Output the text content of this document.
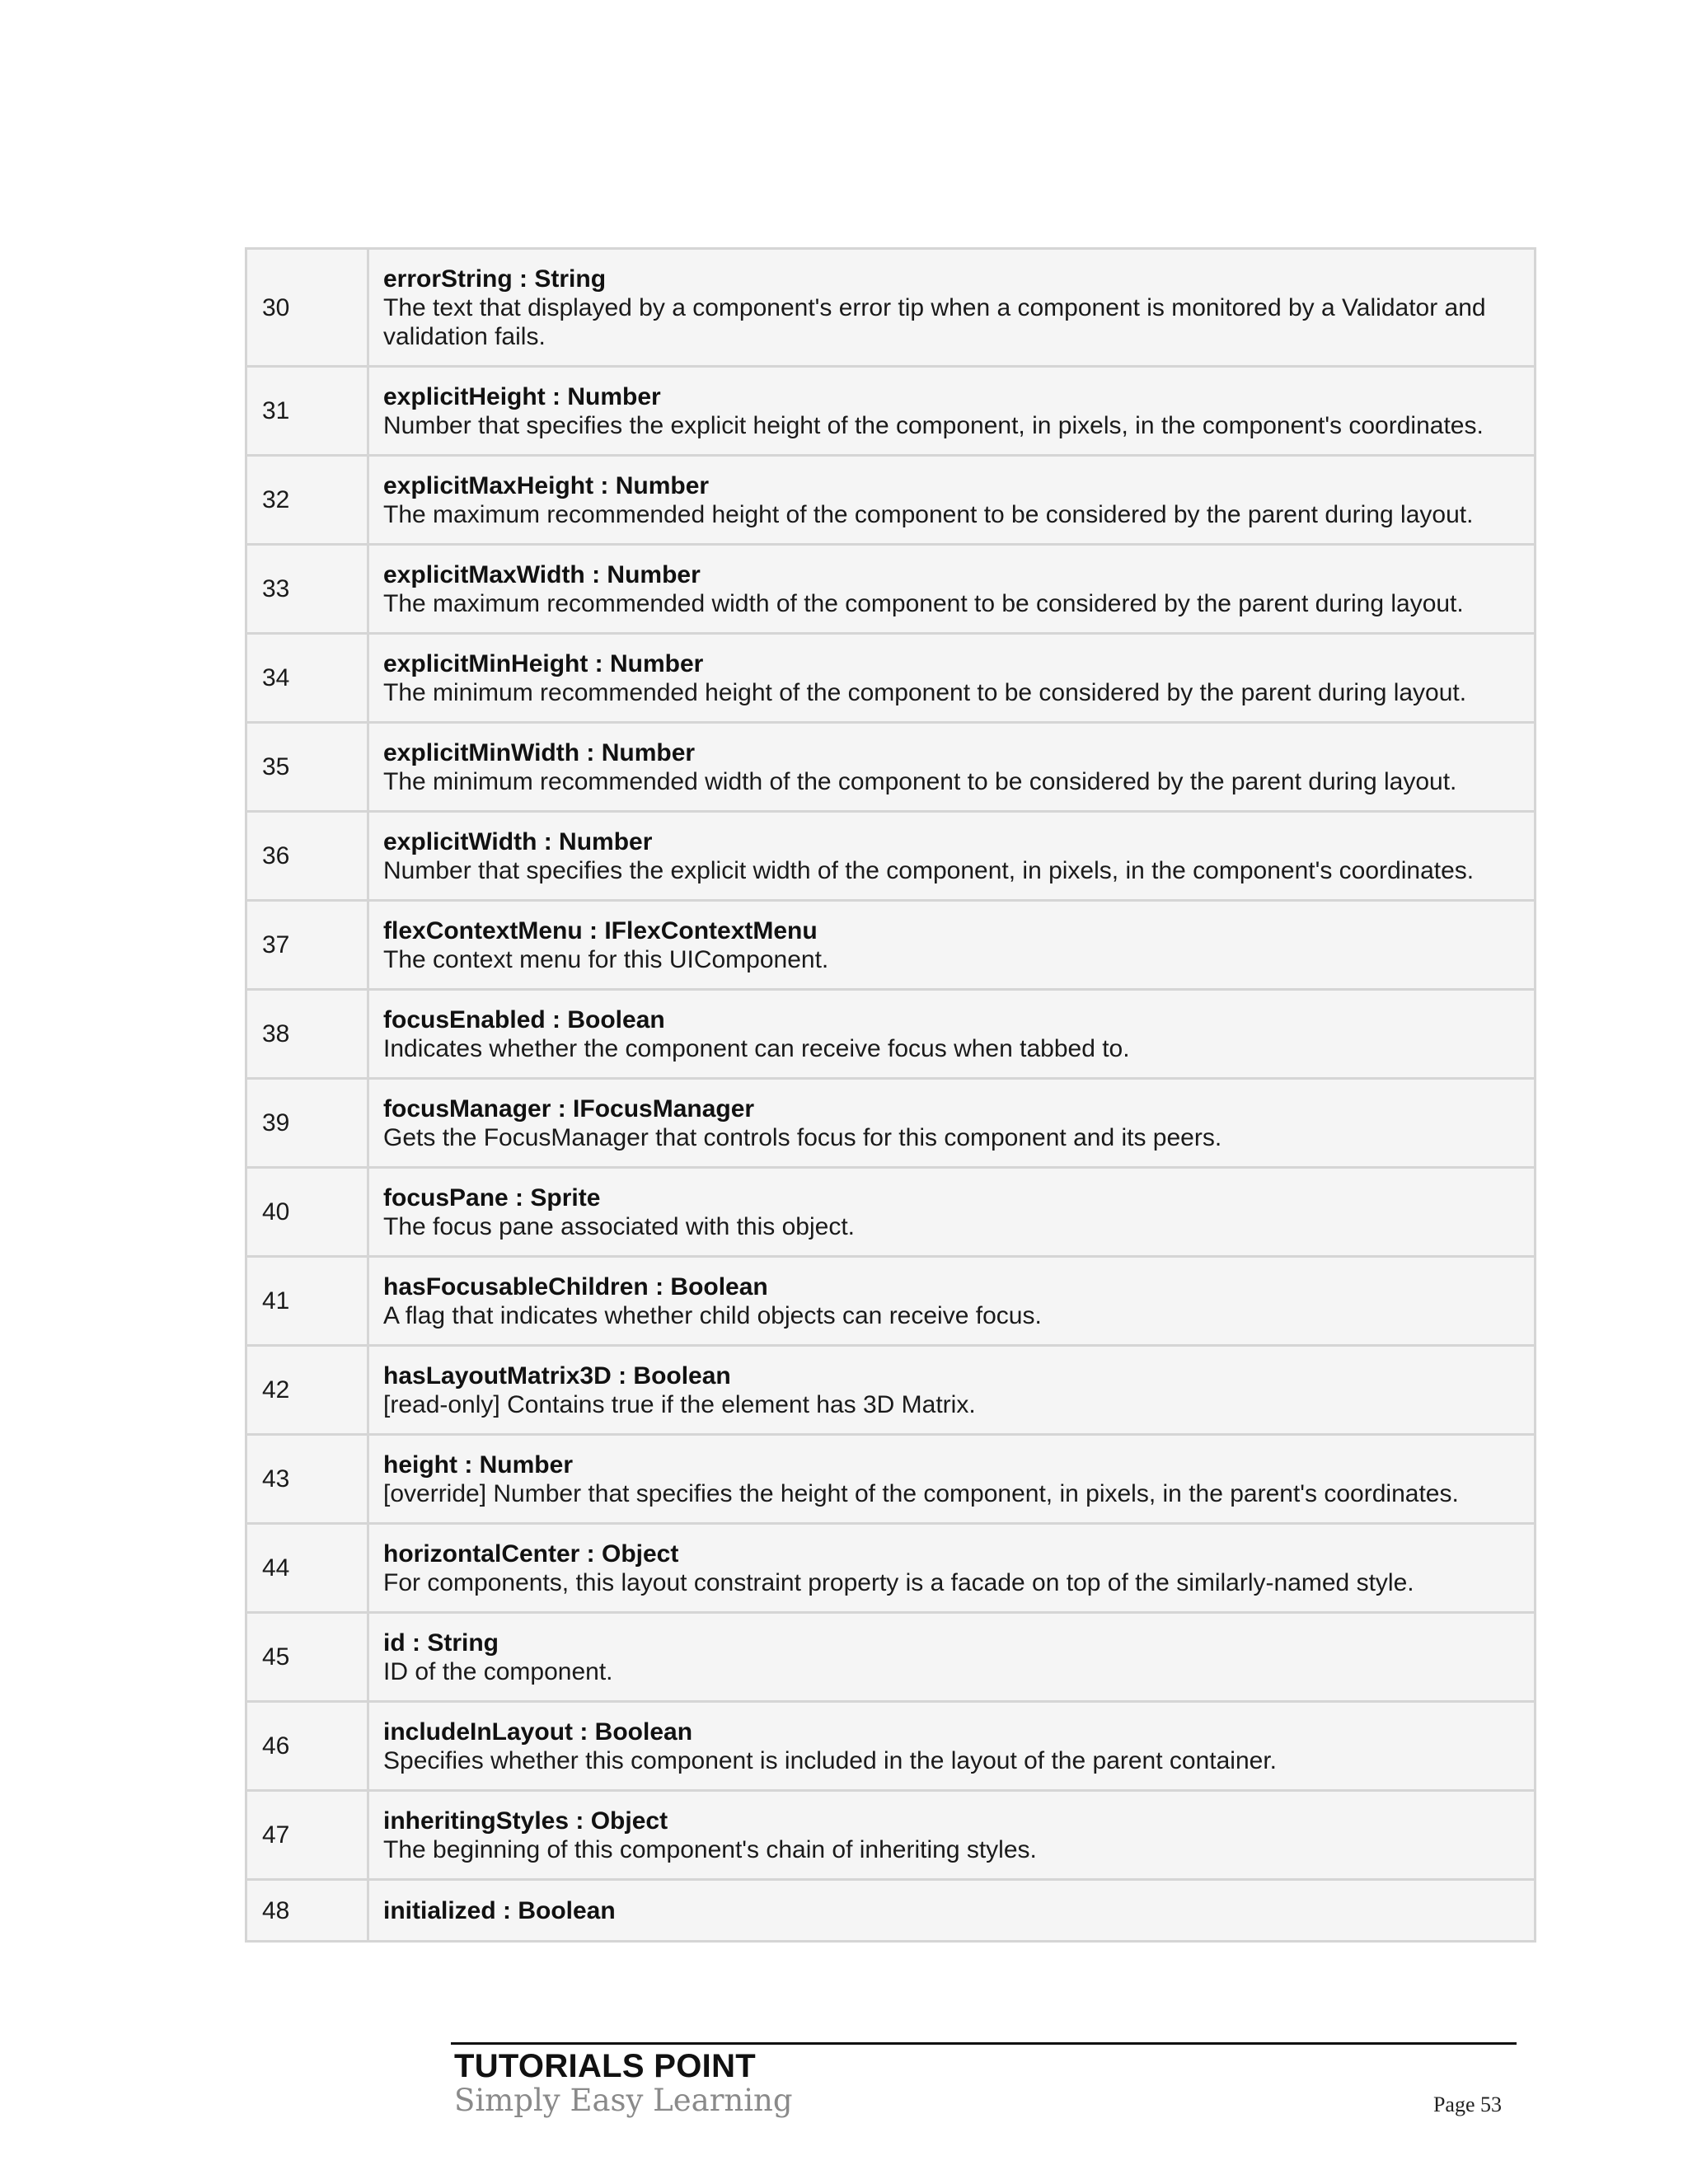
30	errorString : String
The text that displayed by a component's error tip when a component is monitored by a Validator and validation fails.

31	explicitHeight : Number
Number that specifies the explicit height of the component, in pixels, in the component's coordinates.

32	explicitMaxHeight : Number
The maximum recommended height of the component to be considered by the parent during layout.

33	explicitMaxWidth : Number
The maximum recommended width of the component to be considered by the parent during layout.

34	explicitMinHeight : Number
The minimum recommended height of the component to be considered by the parent during layout.

35	explicitMinWidth : Number
The minimum recommended width of the component to be considered by the parent during layout.

36	explicitWidth : Number
Number that specifies the explicit width of the component, in pixels, in the component's coordinates.

37	flexContextMenu : IFlexContextMenu
The context menu for this UIComponent.

38	focusEnabled : Boolean
Indicates whether the component can receive focus when tabbed to.

39	focusManager : IFocusManager
Gets the FocusManager that controls focus for this component and its peers.

40	focusPane : Sprite
The focus pane associated with this object.

41	hasFocusableChildren : Boolean
A flag that indicates whether child objects can receive focus.

42	hasLayoutMatrix3D : Boolean
[read-only] Contains true if the element has 3D Matrix.

43	height : Number
[override] Number that specifies the height of the component, in pixels, in the parent's coordinates.

44	horizontalCenter : Object
For components, this layout constraint property is a facade on top of the similarly-named style.

45	id : String
ID of the component.

46	includeInLayout : Boolean
Specifies whether this component is included in the layout of the parent container.

47	inheritingStyles : Object
The beginning of this component's chain of inheriting styles.

48	initialized : Boolean
TUTORIALS POINT
Simply Easy Learning	Page 53
